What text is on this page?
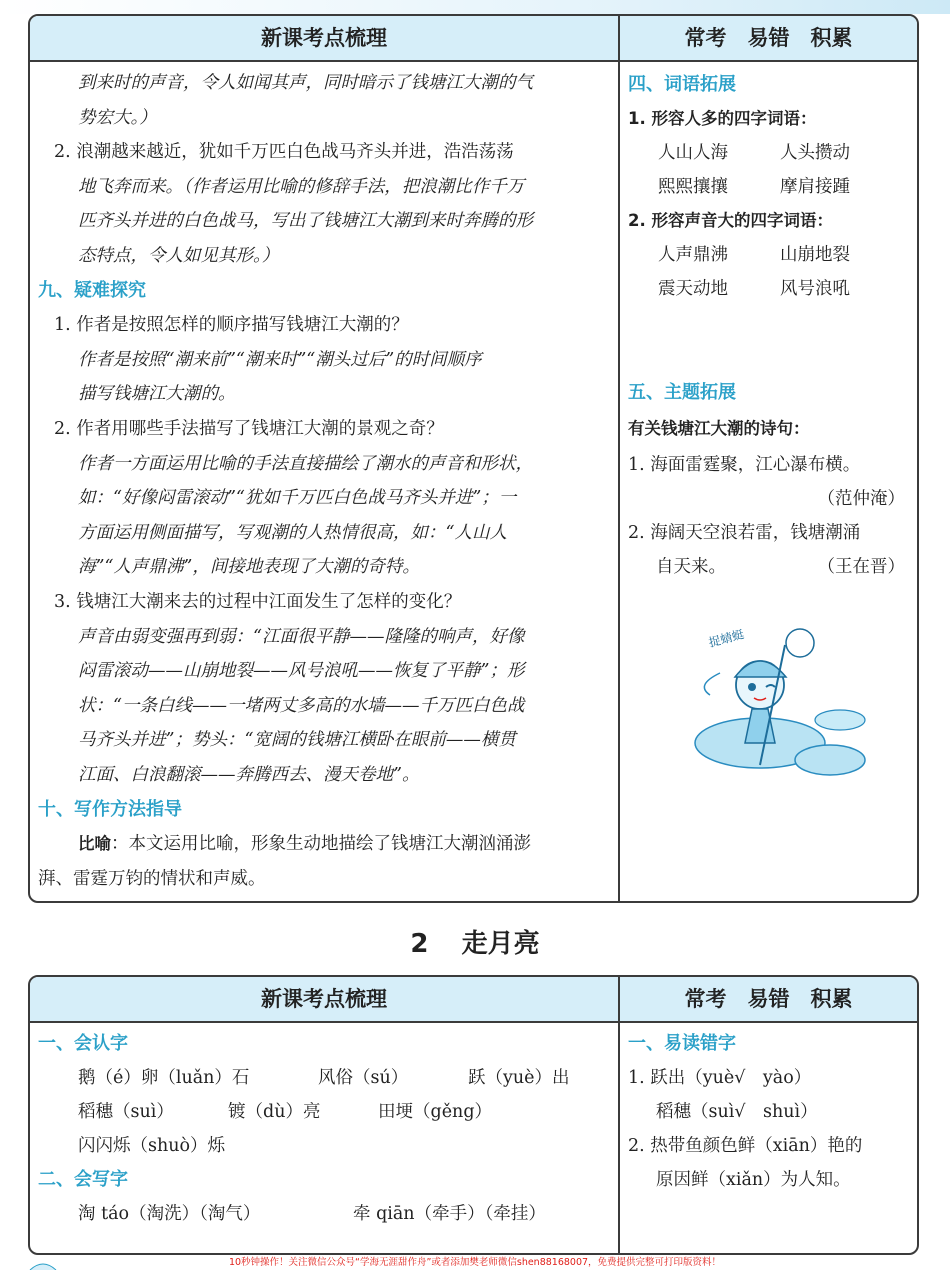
新课考点梳理	常考　易错　积累
到来时的声音，令人如闻其声，同时暗示了钱塘江大潮的气
势宏大。）
2. 浪潮越来越近，犹如千万匹白色战马齐头并进，浩浩荡荡
地飞奔而来。（作者运用比喻的修辞手法，把浪潮比作千万
匹齐头并进的白色战马，写出了钱塘江大潮到来时奔腾的形
态特点，令人如见其形。）
九、疑难探究
1. 作者是按照怎样的顺序描写钱塘江大潮的？
作者是按照“潮来前”“潮来时”“潮头过后”的时间顺序
描写钱塘江大潮的。
2. 作者用哪些手法描写了钱塘江大潮的景观之奇？
作者一方面运用比喻的手法直接描绘了潮水的声音和形状，
如：“好像闷雷滚动”“犹如千万匹白色战马齐头并进”；一
方面运用侧面描写，写观潮的人热情很高，如：“人山人
海”“人声鼎沸”，间接地表现了大潮的奇特。
3. 钱塘江大潮来去的过程中江面发生了怎样的变化？
声音由弱变强再到弱：“江面很平静——隆隆的响声，好像
闷雷滚动——山崩地裂——风号浪吼——恢复了平静”；形
状：“一条白线——一堵两丈多高的水墙——千万匹白色战
马齐头并进”；势头：“宽阔的钱塘江横卧在眼前——横贯
江面、白浪翻滚——奔腾西去、漫天卷地”。
十、写作方法指导
比喻：本文运用比喻，形象生动地描绘了钱塘江大潮汹涌澎
湃、雷霆万钧的情状和声威。
四、词语拓展
1. 形容人多的四字词语：
人山人海	人头攒动
熙熙攘攘	摩肩接踵
2. 形容声音大的四字词语：
人声鼎沸	山崩地裂
震天动地	风号浪吼
五、主题拓展
有关钱塘江大潮的诗句：
1. 海面雷霆聚，江心瀑布横。
（范仲淹）
2. 海阔天空浪若雷，钱塘潮涌
自天来。	（王在晋）
捉蜻蜓
2 走月亮
新课考点梳理	常考　易错　积累
一、会认字
鹅（é）卵（luǎn）石	风俗（sú）	跃（yuè）出
稻穗（suì）	镀（dù）亮	田埂（gěng）
闪闪烁（shuò）烁
二、会写字
淘 táo（淘洗）（淘气）	牵 qiān（牵手）（牵挂）
一、易读错字
1. 跃出（yuè√　yào）
稻穗（suì√　shuì）
2. 热带鱼颜色鲜（xiān）艳的
原因鲜（xiǎn）为人知。
10秒钟操作！关注微信公众号“学海无涯甜作舟”或者添加樊老师微信shen88168007，免费提供完整可打印版资料！
